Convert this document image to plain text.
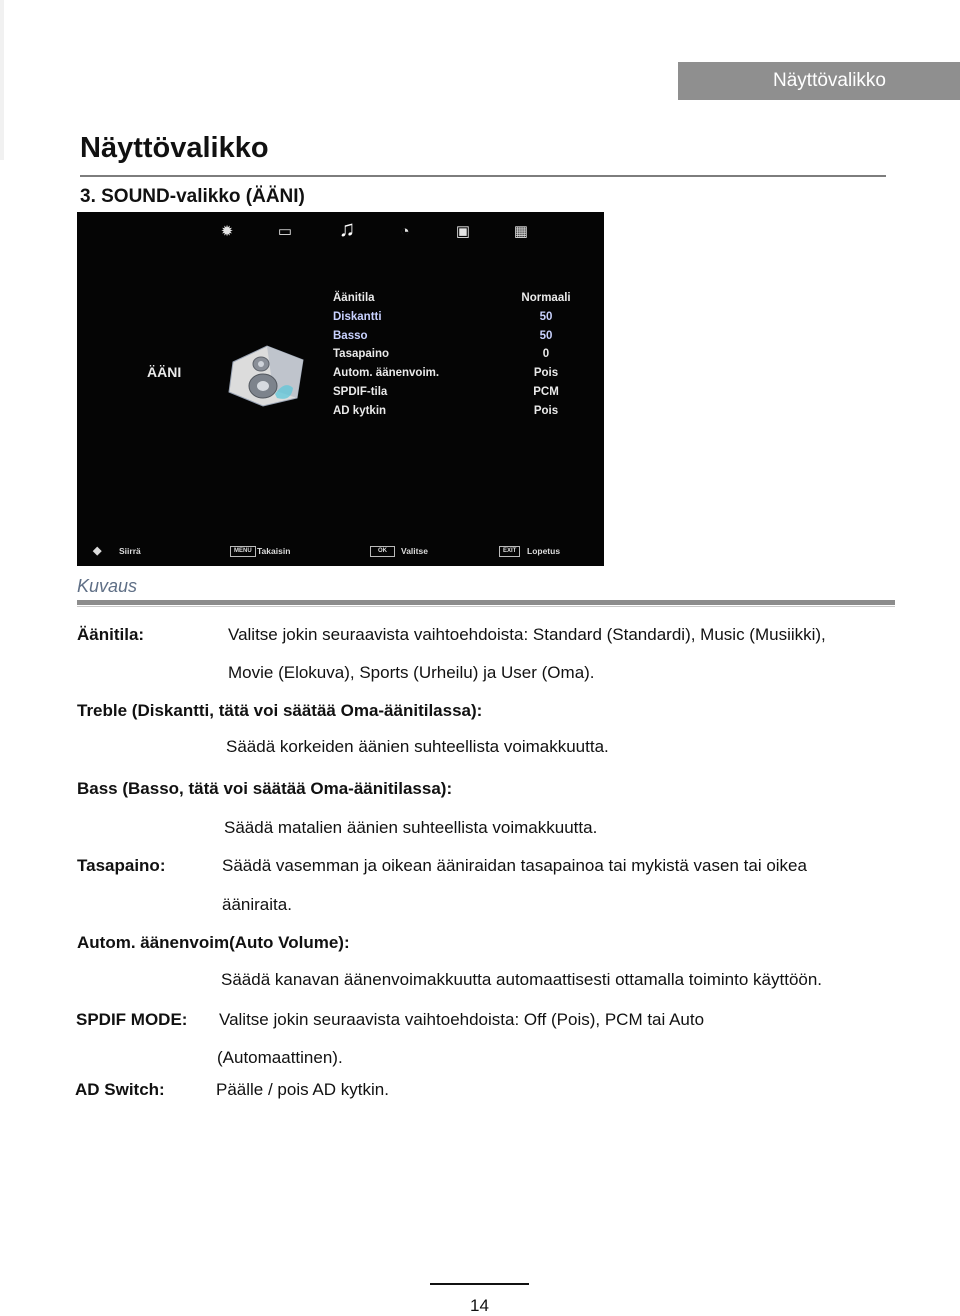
Näyttövalikko
Näyttövalikko
3. SOUND-valikko (ÄÄNI)
✹	▭ ♫	◔	▣	▦
ÄÄNI
Äänitila	Normaali
Diskantti	50
Basso	50
Tasapaino	0
Autom. äänenvoim.	Pois
SPDIF-tila	PCM
AD kytkin	Pois
◆ Siirrä	MENU Takaisin	OK	Valitse	EXIT	Lopetus
Kuvaus
Äänitila:	Valitse jokin seuraavista vaihtoehdoista: Standard (Standardi), Music (Musiikki),
Movie (Elokuva), Sports (Urheilu) ja User (Oma).
Treble (Diskantti, tätä voi säätää Oma-äänitilassa):
Säädä korkeiden äänien suhteellista voimakkuutta.
Bass (Basso, tätä voi säätää Oma-äänitilassa):
Säädä matalien äänien suhteellista voimakkuutta.
Tasapaino:	Säädä vasemman ja oikean ääniraidan tasapainoa tai mykistä vasen tai oikea
ääniraita.
Autom. äänenvoim(Auto Volume):
Säädä kanavan äänenvoimakkuutta automaattisesti ottamalla toiminto käyttöön.
SPDIF MODE: Valitse jokin seuraavista vaihtoehdoista: Off (Pois), PCM tai Auto
(Automaattinen).
AD Switch:	Päälle / pois AD kytkin.
14
